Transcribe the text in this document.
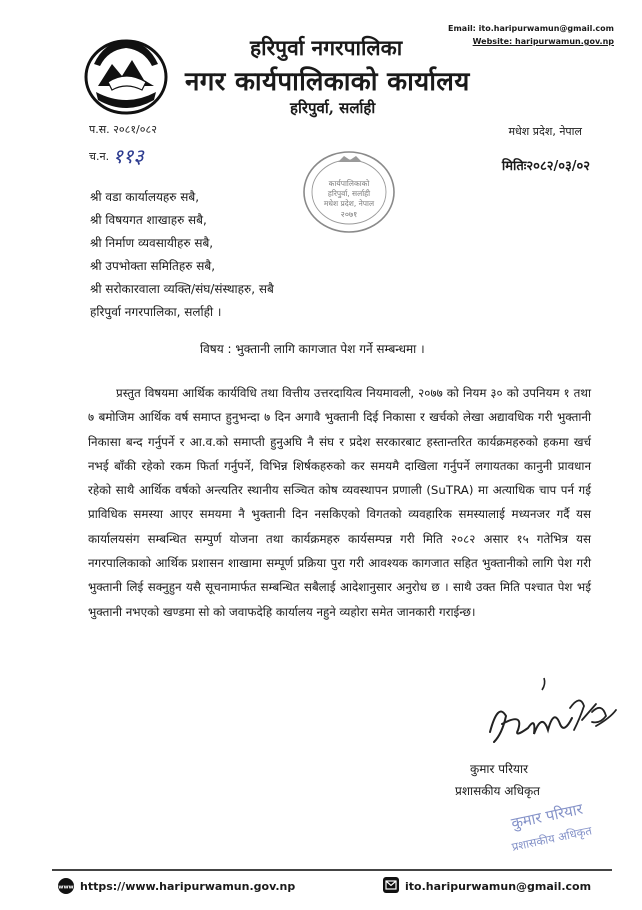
Email: ito.haripurwamun@gmail.com
Website: haripurwamun.gov.np
हरिपुर्वा नगरपालिका
नगर कार्यपालिकाको कार्यालय
हरिपुर्वा, सर्लाही
प.स. २०८१/०८२
च.न. ११३
मधेश प्रदेश, नेपाल
मितिः२०८२/०३/०२
कार्यपालिकाको
हरिपुर्वा, सर्लाही
मधेश प्रदेश, नेपाल
२०७१
श्री वडा कार्यालयहरु सबै,
श्री विषयगत शाखाहरु सबै,
श्री निर्माण व्यवसायीहरु सबै,
श्री उपभोक्ता समितिहरु सबै,
श्री सरोकारवाला व्यक्ति/संघ/संस्थाहरु, सबै
हरिपुर्वा नगरपालिका, सर्लाही ।
विषय : भुक्तानी लागि कागजात पेश गर्ने सम्बन्धमा ।
प्रस्तुत विषयमा आर्थिक कार्यविधि तथा वित्तीय उत्तरदायित्व नियमावली, २०७७ को नियम ३० को उपनियम १ तथा ७ बमोजिम आर्थिक वर्ष समाप्त हुनुभन्दा ७ दिन अगावै भुक्तानी दिई निकासा र खर्चको लेखा अद्यावधिक गरी भुक्तानी निकासा बन्द गर्नुपर्ने र आ.व.को समाप्ती हुनुअघि नै संघ र प्रदेश सरकारबाट हस्तान्तरित कार्यक्रमहरुको हकमा खर्च नभई बाँकी रहेको रकम फिर्ता गर्नुपर्ने, विभिन्न शिर्षकहरुको कर समयमै दाखिला गर्नुपर्ने लगायतका कानुनी प्रावधान रहेको साथै आर्थिक वर्षको अन्त्यतिर स्थानीय सञ्चित कोष व्यवस्थापन प्रणाली (SuTRA) मा अत्याधिक चाप पर्न गई प्राविधिक समस्या आएर समयमा नै भुक्तानी दिन नसकिएको विगतको व्यवहारिक समस्यालाई मध्यनजर गर्दै यस कार्यालयसंग सम्बन्धित सम्पुर्ण योजना तथा कार्यक्रमहरु कार्यसम्पन्न गरी मिति २०८२ असार १५ गतेभित्र यस नगरपालिकाको आर्थिक प्रशासन शाखामा सम्पूर्ण प्रक्रिया पुरा गरी आवश्यक कागजात सहित भुक्तानीको लागि पेश गरी भुक्तानी लिई सक्नुहुन यसै सूचनामार्फत सम्बन्धित सबैलाई आदेशानुसार अनुरोध छ । साथै उक्त मिति पश्चात पेश भई भुक्तानी नभएको खण्डमा सो को जवाफदेहि कार्यालय नहुने व्यहोरा समेत जानकारी गराईन्छ।
कुमार परियार
प्रशासकीय अधिकृत
कुमार परियार
प्रशासकीय अधिकृत
www https://www.haripurwamun.gov.np	ito.haripurwamun@gmail.com
